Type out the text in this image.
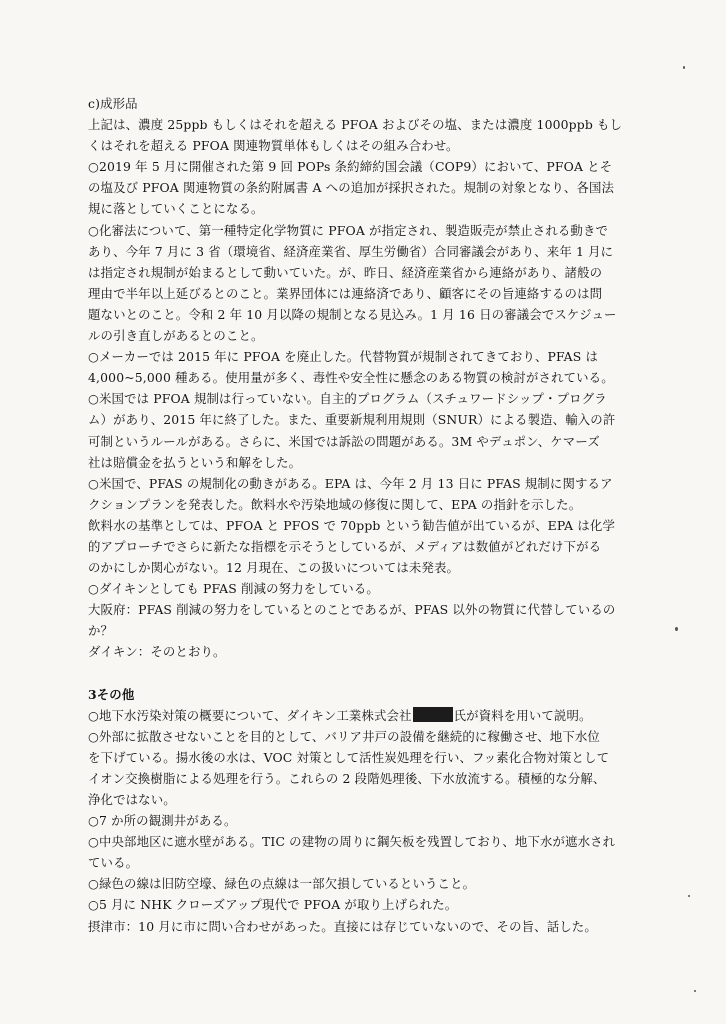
c)成形品
上記は、濃度 25ppb もしくはそれを超える PFOA およびその塩、または濃度 1000ppb もし
くはそれを超える PFOA 関連物質単体もしくはその組み合わせ。
○2019 年 5 月に開催された第 9 回 POPs 条約締約国会議（COP9）において、PFOA とそ
の塩及び PFOA 関連物質の条約附属書 A への追加が採択された。規制の対象となり、各国法
規に落としていくことになる。
○化審法について、第一種特定化学物質に PFOA が指定され、製造販売が禁止される動きで
あり、今年 7 月に 3 省（環境省、経済産業省、厚生労働省）合同審議会があり、来年 1 月に
は指定され規制が始まるとして動いていた。が、昨日、経済産業省から連絡があり、諸般の
理由で半年以上延びるとのこと。業界団体には連絡済であり、顧客にその旨連絡するのは問
題ないとのこと。令和 2 年 10 月以降の規制となる見込み。1 月 16 日の審議会でスケジュー
ルの引き直しがあるとのこと。
○メーカーでは 2015 年に PFOA を廃止した。代替物質が規制されてきており、PFAS は
4,000~5,000 種ある。使用量が多く、毒性や安全性に懸念のある物質の検討がされている。
○米国では PFOA 規制は行っていない。自主的プログラム（スチュワードシップ・プログラ
ム）があり、2015 年に終了した。また、重要新規利用規則（SNUR）による製造、輸入の許
可制というルールがある。さらに、米国では訴訟の問題がある。3M やデュポン、ケマーズ
社は賠償金を払うという和解をした。
○米国で、PFAS の規制化の動きがある。EPA は、今年 2 月 13 日に PFAS 規制に関するア
クションプランを発表した。飲料水や汚染地域の修復に関して、EPA の指針を示した。
飲料水の基準としては、PFOA と PFOS で 70ppb という勧告値が出ているが、EPA は化学
的アプローチでさらに新たな指標を示そうとしているが、メディアは数値がどれだけ下がる
のかにしか関心がない。12 月現在、この扱いについては未発表。
○ダイキンとしても PFAS 削減の努力をしている。
大阪府：PFAS 削減の努力をしているとのことであるが、PFAS 以外の物質に代替しているの
か？
ダイキン：そのとおり。
3その他
○地下水汚染対策の概要について、ダイキン工業株式会社	氏が資料を用いて説明。
○外部に拡散させないことを目的として、バリア井戸の設備を継続的に稼働させ、地下水位
を下げている。揚水後の水は、VOC 対策として活性炭処理を行い、フッ素化合物対策として
イオン交換樹脂による処理を行う。これらの 2 段階処理後、下水放流する。積極的な分解、
浄化ではない。
○7 か所の観測井がある。
○中央部地区に遮水壁がある。TIC の建物の周りに鋼矢板を残置しており、地下水が遮水され
ている。
○緑色の線は旧防空壕、緑色の点線は一部欠損しているということ。
○5 月に NHK クローズアップ現代で PFOA が取り上げられた。
摂津市：10 月に市に問い合わせがあった。直接には存じていないので、その旨、話した。
